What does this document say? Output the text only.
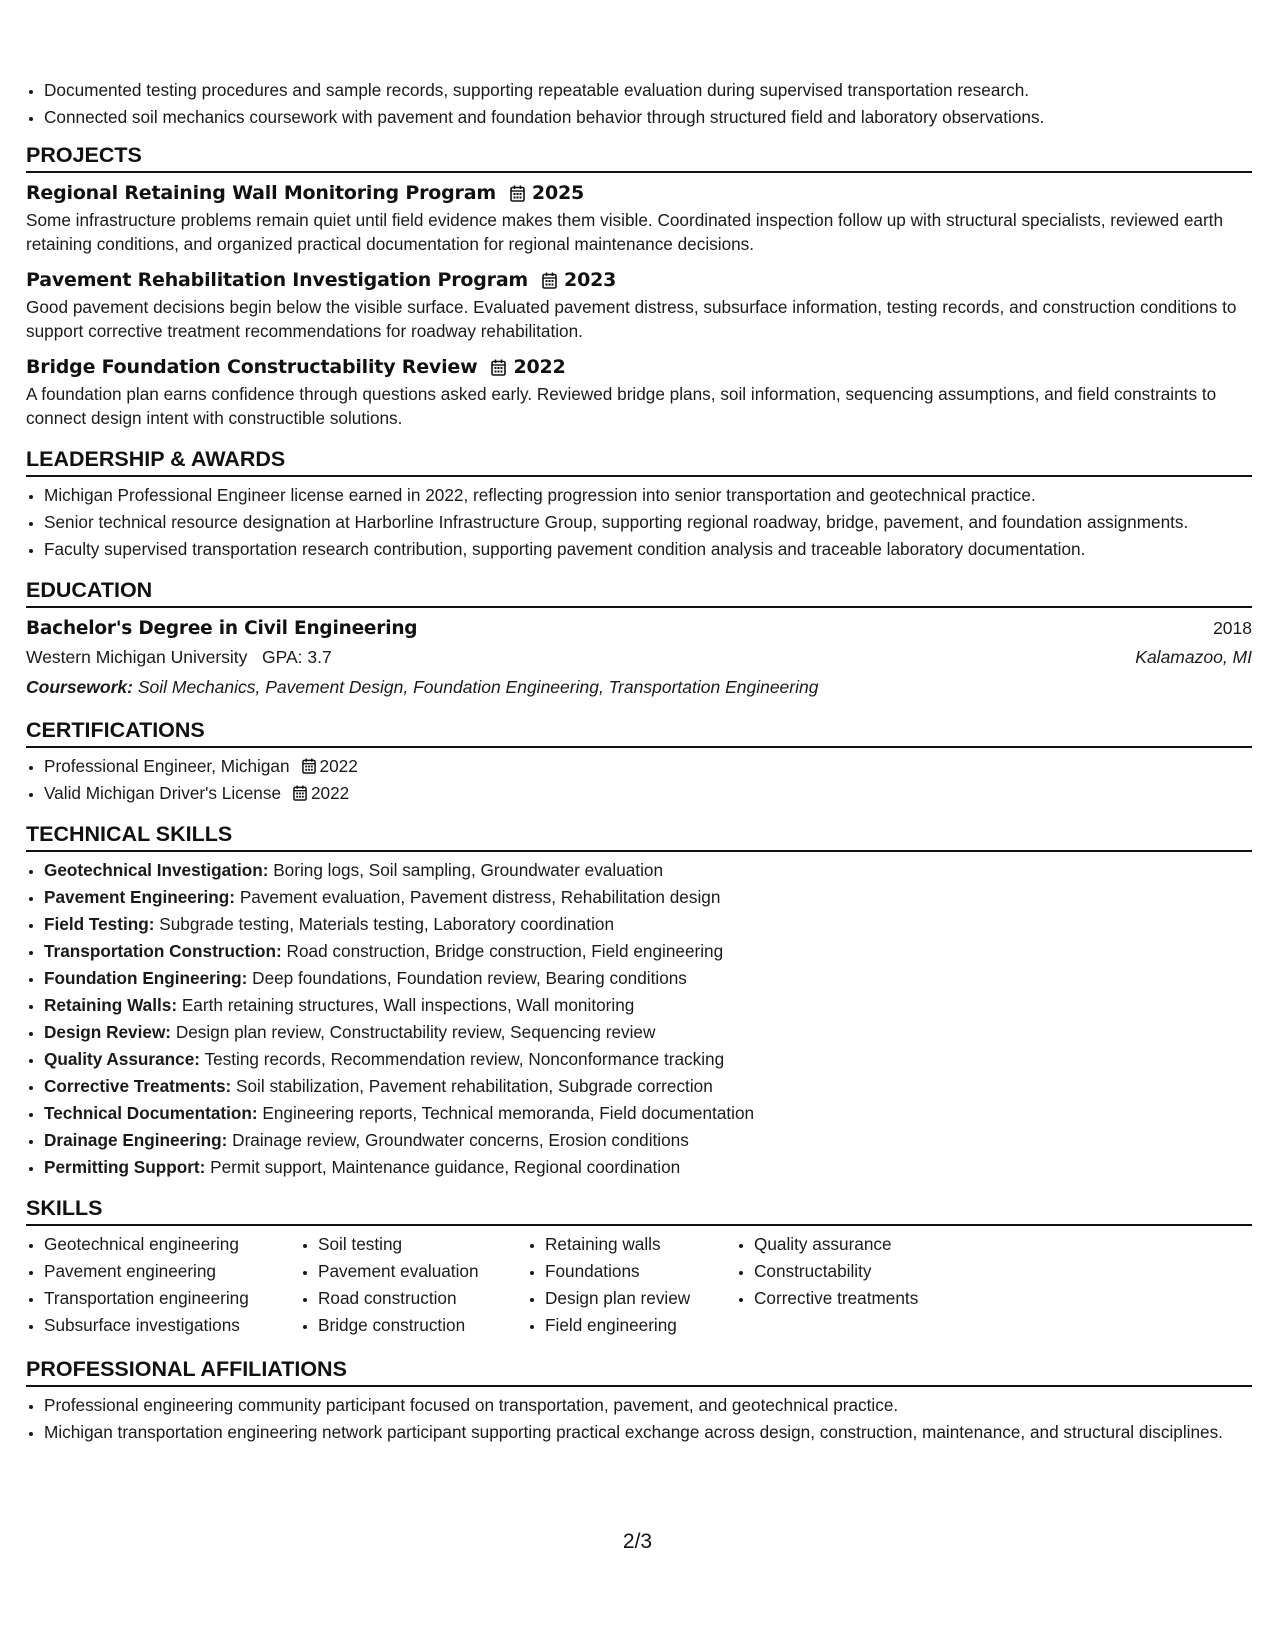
• Documented testing procedures and sample records, supporting repeatable evaluation during supervised transportation research.
• Connected soil mechanics coursework with pavement and foundation behavior through structured field and laboratory observations.
PROJECTS
Regional Retaining Wall Monitoring Program 2025
Some infrastructure problems remain quiet until field evidence makes them visible. Coordinated inspection follow up with structural specialists, reviewed earth retaining conditions, and organized practical documentation for regional maintenance decisions.
Pavement Rehabilitation Investigation Program 2023
Good pavement decisions begin below the visible surface. Evaluated pavement distress, subsurface information, testing records, and construction conditions to support corrective treatment recommendations for roadway rehabilitation.
Bridge Foundation Constructability Review 2022
A foundation plan earns confidence through questions asked early. Reviewed bridge plans, soil information, sequencing assumptions, and field constraints to connect design intent with constructible solutions.
LEADERSHIP & AWARDS
• Michigan Professional Engineer license earned in 2022, reflecting progression into senior transportation and geotechnical practice.
• Senior technical resource designation at Harborline Infrastructure Group, supporting regional roadway, bridge, pavement, and foundation assignments.
• Faculty supervised transportation research contribution, supporting pavement condition analysis and traceable laboratory documentation.
EDUCATION
Bachelor's Degree in Civil Engineering	2018
Western Michigan University GPA: 3.7	Kalamazoo, MI
Coursework: Soil Mechanics, Pavement Design, Foundation Engineering, Transportation Engineering
CERTIFICATIONS
• Professional Engineer, Michigan 2022
• Valid Michigan Driver's License 2022
TECHNICAL SKILLS
• Geotechnical Investigation: Boring logs, Soil sampling, Groundwater evaluation
• Pavement Engineering: Pavement evaluation, Pavement distress, Rehabilitation design
• Field Testing: Subgrade testing, Materials testing, Laboratory coordination
• Transportation Construction: Road construction, Bridge construction, Field engineering
• Foundation Engineering: Deep foundations, Foundation review, Bearing conditions
• Retaining Walls: Earth retaining structures, Wall inspections, Wall monitoring
• Design Review: Design plan review, Constructability review, Sequencing review
• Quality Assurance: Testing records, Recommendation review, Nonconformance tracking
• Corrective Treatments: Soil stabilization, Pavement rehabilitation, Subgrade correction
• Technical Documentation: Engineering reports, Technical memoranda, Field documentation
• Drainage Engineering: Drainage review, Groundwater concerns, Erosion conditions
• Permitting Support: Permit support, Maintenance guidance, Regional coordination
SKILLS
• Geotechnical engineering
• Pavement engineering
• Transportation engineering
• Subsurface investigations
• Soil testing
• Pavement evaluation
• Road construction
• Bridge construction
• Retaining walls
• Foundations
• Design plan review
• Field engineering
• Quality assurance
• Constructability
• Corrective treatments
PROFESSIONAL AFFILIATIONS
• Professional engineering community participant focused on transportation, pavement, and geotechnical practice.
• Michigan transportation engineering network participant supporting practical exchange across design, construction, maintenance, and structural disciplines.
2/3
